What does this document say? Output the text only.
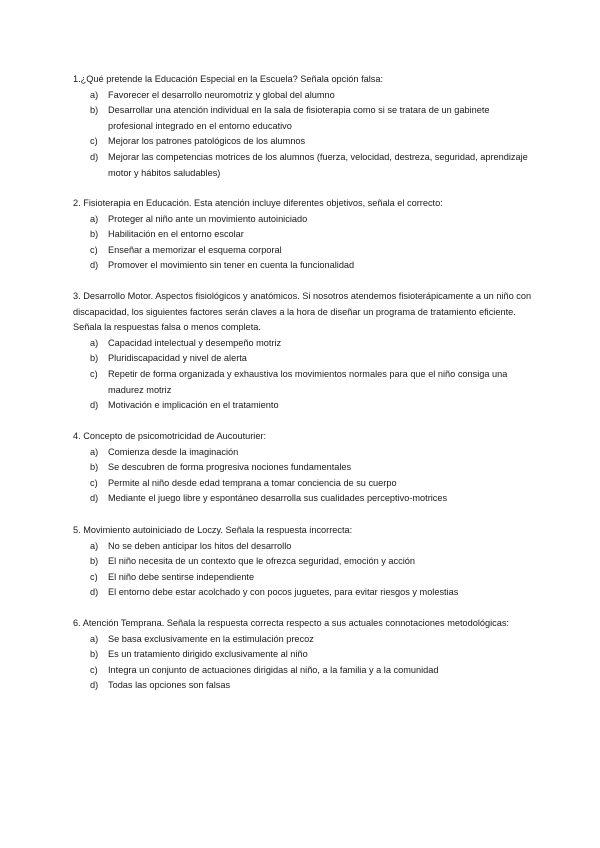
1.¿Qué pretende la Educación Especial en la Escuela? Señala opción falsa:

a) Favorecer el desarrollo neuromotriz y global del alumno
b) Desarrollar una atención individual en la sala de fisioterapia como si se tratara de un gabinete profesional integrado en el entorno educativo
c) Mejorar los patrones patológicos de los alumnos
d) Mejorar las competencias motrices de los alumnos (fuerza, velocidad, destreza, seguridad, aprendizaje motor y hábitos saludables)

2. Fisioterapia en Educación. Esta atención incluye diferentes objetivos, señala el correcto:

a) Proteger al niño ante un movimiento autoiniciado
b) Habilitación en el entorno escolar
c) Enseñar a memorizar el esquema corporal
d) Promover el movimiento sin tener en cuenta la funcionalidad

3. Desarrollo Motor. Aspectos fisiológicos y anatómicos. Si nosotros atendemos fisioterápicamente a un niño con discapacidad, los siguientes factores serán claves a la hora de diseñar un programa de tratamiento eficiente. Señala la respuestas falsa o menos completa.

a) Capacidad intelectual y desempeño motriz
b) Pluridiscapacidad y nivel de alerta
c) Repetir de forma organizada y exhaustiva los movimientos normales para que el niño consiga una madurez motriz
d) Motivación e implicación en el tratamiento

4. Concepto de psicomotricidad de Aucouturier:

a) Comienza desde la imaginación
b) Se descubren de forma progresiva nociones fundamentales
c) Permite al niño desde edad temprana a tomar conciencia de su cuerpo
d) Mediante el juego libre y espontáneo desarrolla sus cualidades perceptivo-motrices

5. Movimiento autoiniciado de Loczy. Señala la respuesta incorrecta:

a) No se deben anticipar los hitos del desarrollo
b) El niño necesita de un contexto que le ofrezca seguridad, emoción y acción
c) El niño debe sentirse independiente
d) El entorno debe estar acolchado y con pocos juguetes, para evitar riesgos y molestias

6. Atención Temprana. Señala la respuesta correcta respecto a sus actuales connotaciones metodológicas:

a) Se basa exclusivamente en la estimulación precoz
b) Es un tratamiento dirigido exclusivamente al niño
c) Integra un conjunto de actuaciones dirigidas al niño, a la familia y a la comunidad
d) Todas las opciones son falsas
